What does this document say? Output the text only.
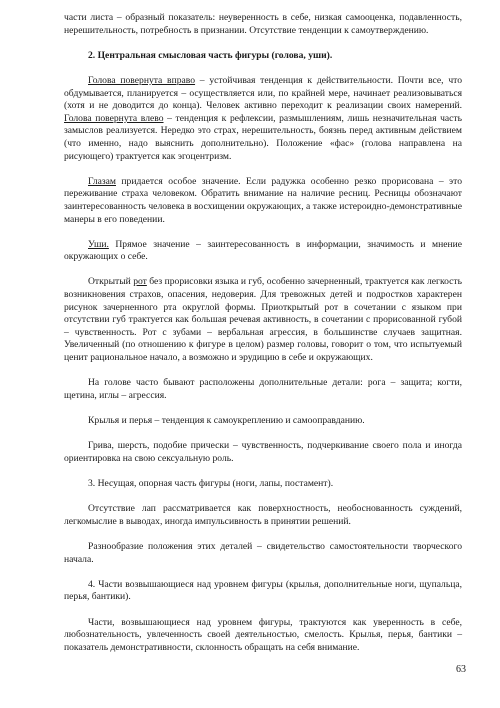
части листа – образный показатель: неуверенность в себе, низкая самооценка, подавленность, нерешительность, потребность в признании. Отсутствие тенденции к самоутверждению.

2. Центральная смысловая часть фигуры (голова, уши).

Голова повернута вправо – устойчивая тенденция к действительности. Почти все, что обдумывается, планируется – осуществляется или, по крайней мере, начинает реализовываться (хотя и не доводится до конца). Человек активно переходит к реализации своих намерений. Голова повернута влево – тенденция к рефлексии, размышлениям, лишь незначительная часть замыслов реализуется. Нередко это страх, нерешительность, боязнь перед активным действием (что именно, надо выяснить дополнительно). Положение «фас» (голова направлена на рисующего) трактуется как эгоцентризм.

Глазам придается особое значение. Если радужка особенно резко прорисована – это переживание страха человеком. Обратить внимание на наличие ресниц. Ресницы обозначают заинтересованность человека в восхищении окружающих, а также истероидно-демонстративные манеры в его поведении.

Уши. Прямое значение – заинтересованность в информации, значимость и мнение окружающих о себе.

Открытый рот без прорисовки языка и губ, особенно зачерненный, трактуется как легкость возникновения страхов, опасения, недоверия. Для тревожных детей и подростков характерен рисунок зачерненного рта округлой формы. Приоткрытый рот в сочетании с языком при отсутствии губ трактуется как большая речевая активность, в сочетании с прорисованной губой – чувственность. Рот с зубами – вербальная агрессия, в большинстве случаев защитная. Увеличенный (по отношению к фигуре в целом) размер головы, говорит о том, что испытуемый ценит рациональное начало, а возможно и эрудицию в себе и окружающих.

На голове часто бывают расположены дополнительные детали: рога – защита; когти, щетина, иглы – агрессия.

Крылья и перья – тенденция к самоукреплению и самооправданию.

Грива, шерсть, подобие прически – чувственность, подчеркивание своего пола и иногда ориентировка на свою сексуальную роль.

3. Несущая, опорная часть фигуры (ноги, лапы, постамент).

Отсутствие лап рассматривается как поверхностность, необоснованность суждений, легкомыслие в выводах, иногда импульсивность в принятии решений.

Разнообразие положения этих деталей – свидетельство самостоятельности творческого начала.

4. Части возвышающиеся над уровнем фигуры (крылья, дополнительные ноги, щупальца, перья, бантики).

Части, возвышающиеся над уровнем фигуры, трактуются как уверенность в себе, любознательность, увлеченность своей деятельностью, смелость. Крылья, перья, бантики – показатель демонстративности, склонность обращать на себя внимание.

63
